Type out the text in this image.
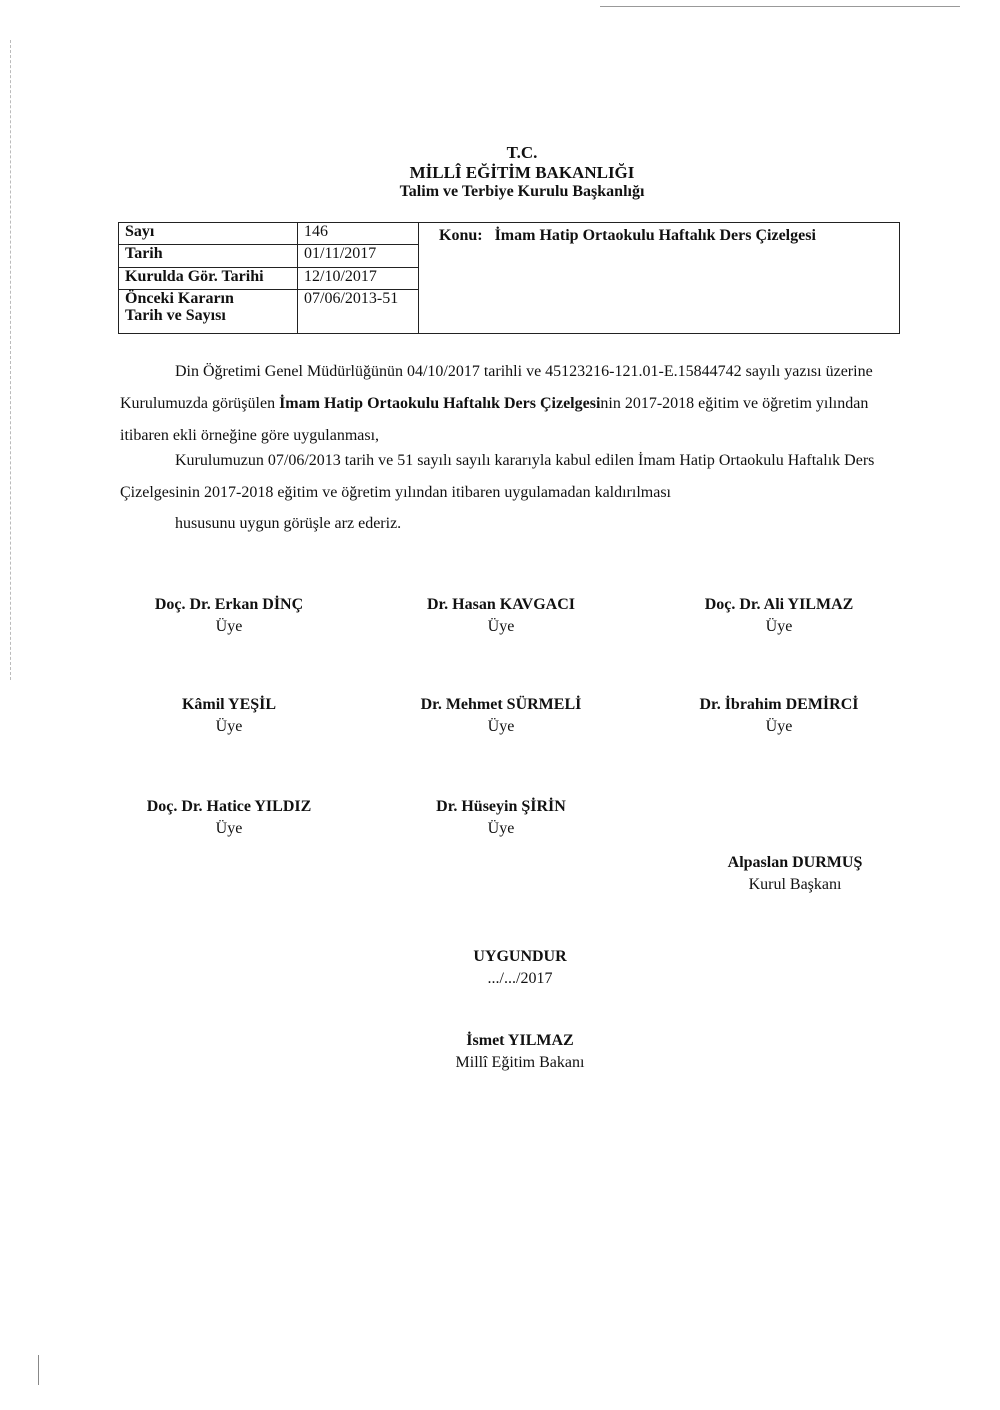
T.C.
MİLLÎ EĞİTİM BAKANLIĞI
Talim ve Terbiye Kurulu Başkanlığı
Sayı	146	Konu: İmam Hatip Ortaokulu Haftalık Ders Çizelgesi
Tarih	01/11/2017	
Kurulda Gör. Tarihi	12/10/2017	

Önceki Kararın
Tarih ve Sayısı	07/06/2013-51	
Din Öğretimi Genel Müdürlüğünün 04/10/2017 tarihli ve 45123216-121.01-E.15844742 sayılı yazısı üzerine Kurulumuzda görüşülen İmam Hatip Ortaokulu Haftalık Ders Çizelgesinin 2017-2018 eğitim ve öğretim yılından itibaren ekli örneğine göre uygulanması,
Kurulumuzun 07/06/2013 tarih ve 51 sayılı sayılı kararıyla kabul edilen İmam Hatip Ortaokulu Haftalık Ders Çizelgesinin 2017-2018 eğitim ve öğretim yılından itibaren uygulamadan kaldırılması
hususunu uygun görüşle arz ederiz.
Doç. Dr. Erkan DİNÇ
Üye
Dr. Hasan KAVGACI
Üye
Doç. Dr. Ali YILMAZ
Üye
Kâmil YEŞİL
Üye
Dr. Mehmet SÜRMELİ
Üye
Dr. İbrahim DEMİRCİ
Üye
Doç. Dr. Hatice YILDIZ
Üye
Dr. Hüseyin ŞİRİN
Üye
Alpaslan DURMUŞ
Kurul Başkanı
UYGUNDUR
.../.../2017
İsmet YILMAZ
Millî Eğitim Bakanı
